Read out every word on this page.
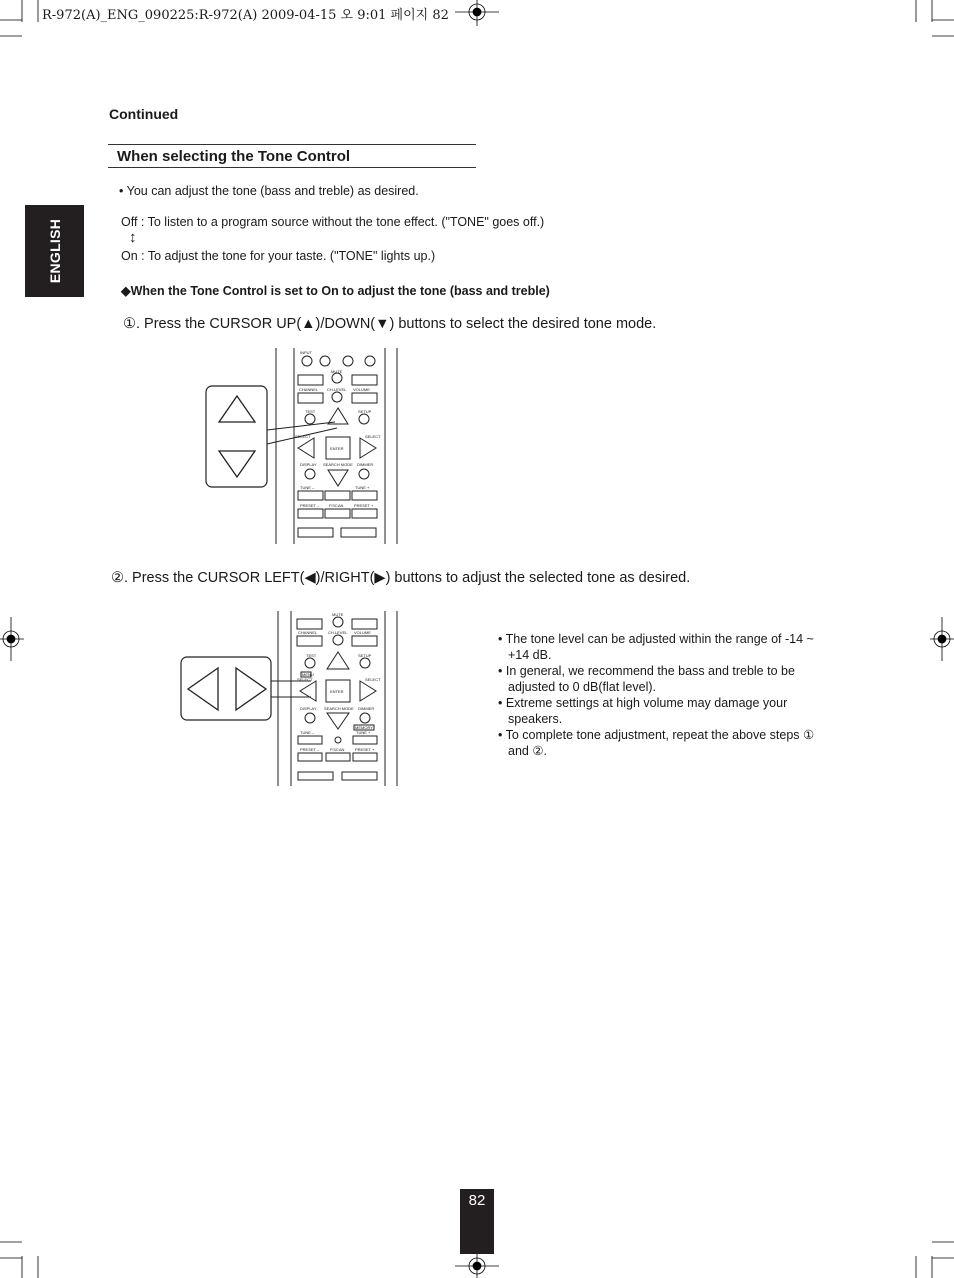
R-972(A)_ENG_090225:R-972(A) 2009-04-15 오 9:01 페이지 82
ENGLISH
Continued
When selecting the Tone Control
• You can adjust the tone (bass and treble) as desired.
Off : To listen to a program source without the tone effect. ("TONE" goes off.)
↕
On : To adjust the tone for your taste. ("TONE" lights up.)
◆When the Tone Control is set to On to adjust the tone (bass and treble)
①. Press the CURSOR UP(▲)/DOWN(▼) buttons to select the desired tone mode.
INPUT
MUTE
CHANNEL CH.LEVEL VOLUME
TEST	SETUP
SELECT	SELECT
ENTER
DISPLAY SEARCH MODE DIMMER
TUNE –	TUNE +
PRESET – P.SCAN	PRESET +
②. Press the CURSOR LEFT(◀)/RIGHT(▶) buttons to adjust the selected tone as desired.
MUTE
CHANNEL	CH.LEVEL VOLUME
TEST	SETUP
MENU
SELECT	SELECT
ENTER
DISPLAY SEARCH MODE DIMMER
MEMORY
TUNE –	TUNE +
PRESET –	P.SCAN	PRESET +
• The tone level can be adjusted within the range of -14 ~ +14 dB.
• In general, we recommend the bass and treble to be adjusted to 0 dB(flat level).
• Extreme settings at high volume may damage your speakers.
• To complete tone adjustment, repeat the above steps ① and ②.
82
